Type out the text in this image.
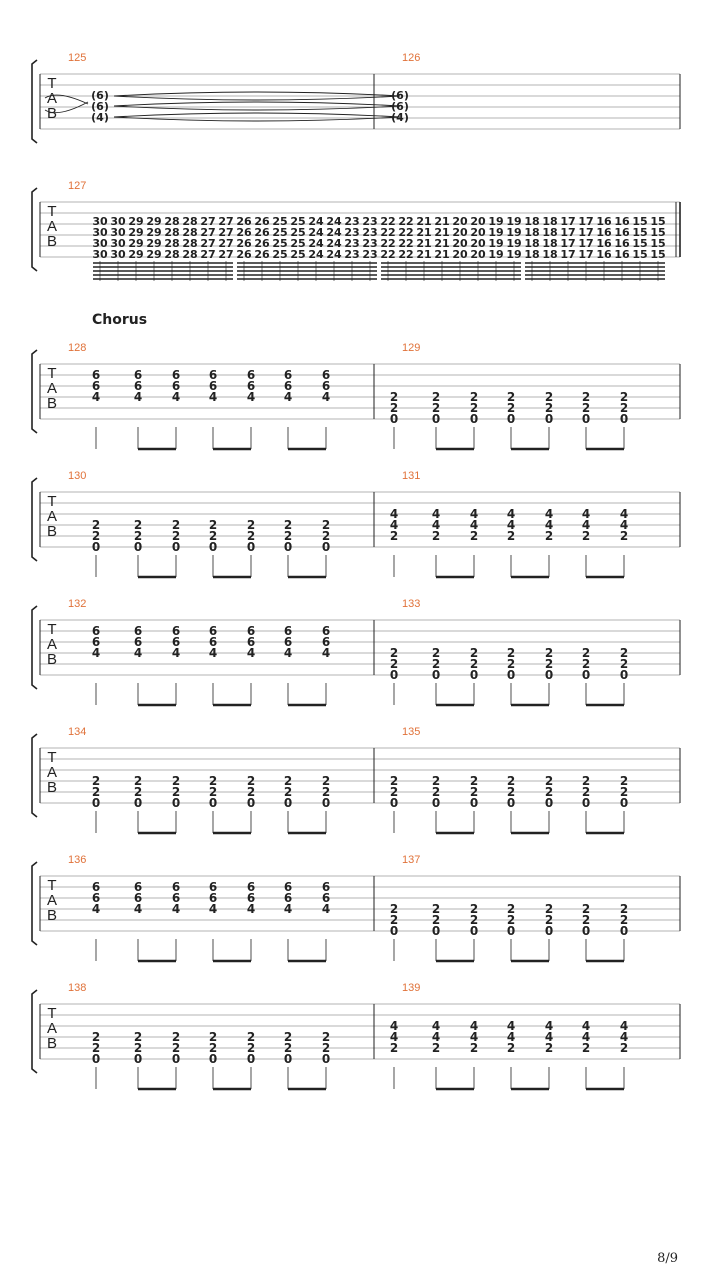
Chorus
8/9
T
A
B
125
(6)
(6)
(4)
126
(6)
(6)
(4)
T
A
B
127
30
30
30
30
30
30
30
30
29
29
29
29
29
29
29
29
28
28
28
28
28
28
28
28
27
27
27
27
27
27
27
27
26
26
26
26
26
26
26
26
25
25
25
25
25
25
25
25
24
24
24
24
24
24
24
24
23
23
23
23
23
23
23
23
22
22
22
22
22
22
22
22
21
21
21
21
21
21
21
21
20
20
20
20
20
20
20
20
19
19
19
19
19
19
19
19
18
18
18
18
18
18
18
18
17
17
17
17
17
17
17
17
16
16
16
16
16
16
16
16
15
15
15
15
15
15
15
15
T
A
B
128
6
6
4
6
6
4
6
6
4
6
6
4
6
6
4
6
6
4
6
6
4
129
2
2
0
2
2
0
2
2
0
2
2
0
2
2
0
2
2
0
2
2
0
T
A
B
130
2
2
0
2
2
0
2
2
0
2
2
0
2
2
0
2
2
0
2
2
0
131
4
4
2
4
4
2
4
4
2
4
4
2
4
4
2
4
4
2
4
4
2
T
A
B
132
6
6
4
6
6
4
6
6
4
6
6
4
6
6
4
6
6
4
6
6
4
133
2
2
0
2
2
0
2
2
0
2
2
0
2
2
0
2
2
0
2
2
0
T
A
B
134
2
2
0
2
2
0
2
2
0
2
2
0
2
2
0
2
2
0
2
2
0
135
2
2
0
2
2
0
2
2
0
2
2
0
2
2
0
2
2
0
2
2
0
T
A
B
136
6
6
4
6
6
4
6
6
4
6
6
4
6
6
4
6
6
4
6
6
4
137
2
2
0
2
2
0
2
2
0
2
2
0
2
2
0
2
2
0
2
2
0
T
A
B
138
2
2
0
2
2
0
2
2
0
2
2
0
2
2
0
2
2
0
2
2
0
139
4
4
2
4
4
2
4
4
2
4
4
2
4
4
2
4
4
2
4
4
2
